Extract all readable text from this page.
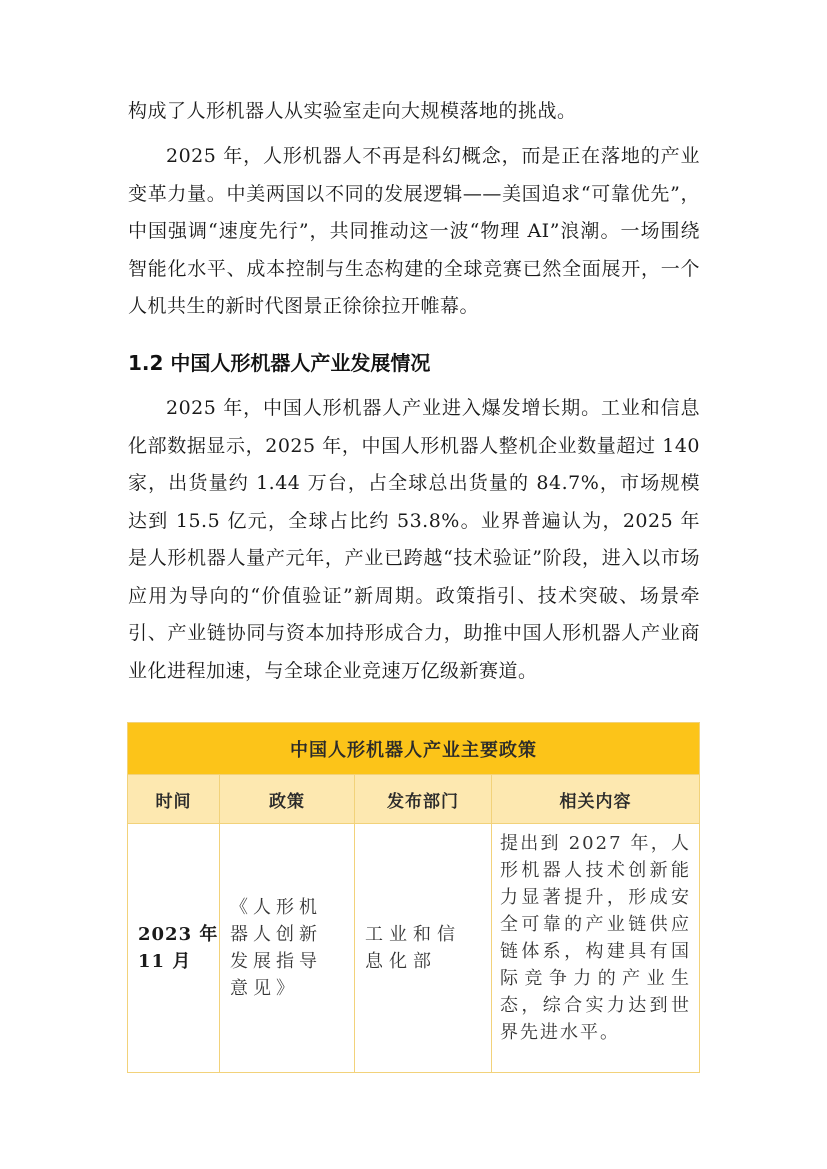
构成了人形机器人从实验室走向大规模落地的挑战。

2025 年，人形机器人不再是科幻概念，而是正在落地的产业变革力量。中美两国以不同的发展逻辑——美国追求“可靠优先”，中国强调“速度先行”，共同推动这一波“物理 AI”浪潮。一场围绕智能化水平、成本控制与生态构建的全球竞赛已然全面展开，一个人机共生的新时代图景正徐徐拉开帷幕。

1.2 中国人形机器人产业发展情况

2025 年，中国人形机器人产业进入爆发增长期。工业和信息化部数据显示，2025 年，中国人形机器人整机企业数量超过 140 家，出货量约 1.44 万台，占全球总出货量的 84.7%，市场规模达到 15.5 亿元，全球占比约 53.8%。业界普遍认为，2025 年是人形机器人量产元年，产业已跨越“技术验证”阶段，进入以市场应用为导向的“价值验证”新周期。政策指引、技术突破、场景牵引、产业链协同与资本加持形成合力，助推中国人形机器人产业商业化进程加速，与全球企业竞速万亿级新赛道。

中国人形机器人产业主要政策			
时间	政策	发布部门	相关内容

2023 年 11 月	《人形机器人创新发展指导意见》	工业和信息化部	提出到 2027 年，人形机器人技术创新能力显著提升，形成安全可靠的产业链供应链体系，构建具有国际竞争力的产业生态，综合实力达到世界先进水平。
